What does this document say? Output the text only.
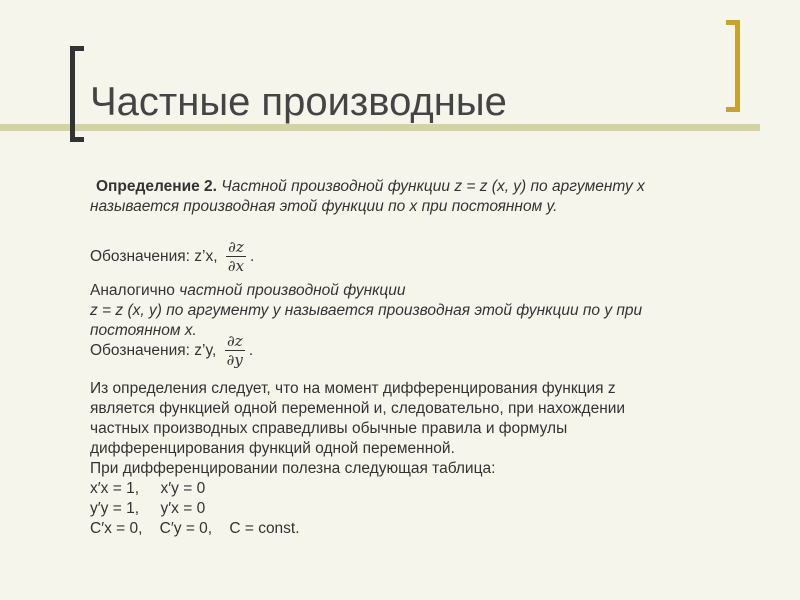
Частные производные
Определение 2. Частной производной функции z = z (x, y) по аргументу x
называется производная этой функции по x при постоянном y.
Обозначения: z’x, $\frac{\partial z}{\partial x}$ .
Аналогично частной производной функции
z = z (x, y) по аргументу y называется производная этой функции по y при
постоянном x.
Обозначения: z’y, $\frac{\partial z}{\partial y}$ .
Из определения следует, что на момент дифференцирования функция z
является функцией одной переменной и, следовательно, при нахождении
частных производных справедливы обычные правила и формулы
дифференцирования функций одной переменной.
При дифференцировании полезна следующая таблица:
x′x = 1,     x′y = 0
y′y = 1,     y′x = 0
C′x = 0,    C′y = 0,    C = const.
